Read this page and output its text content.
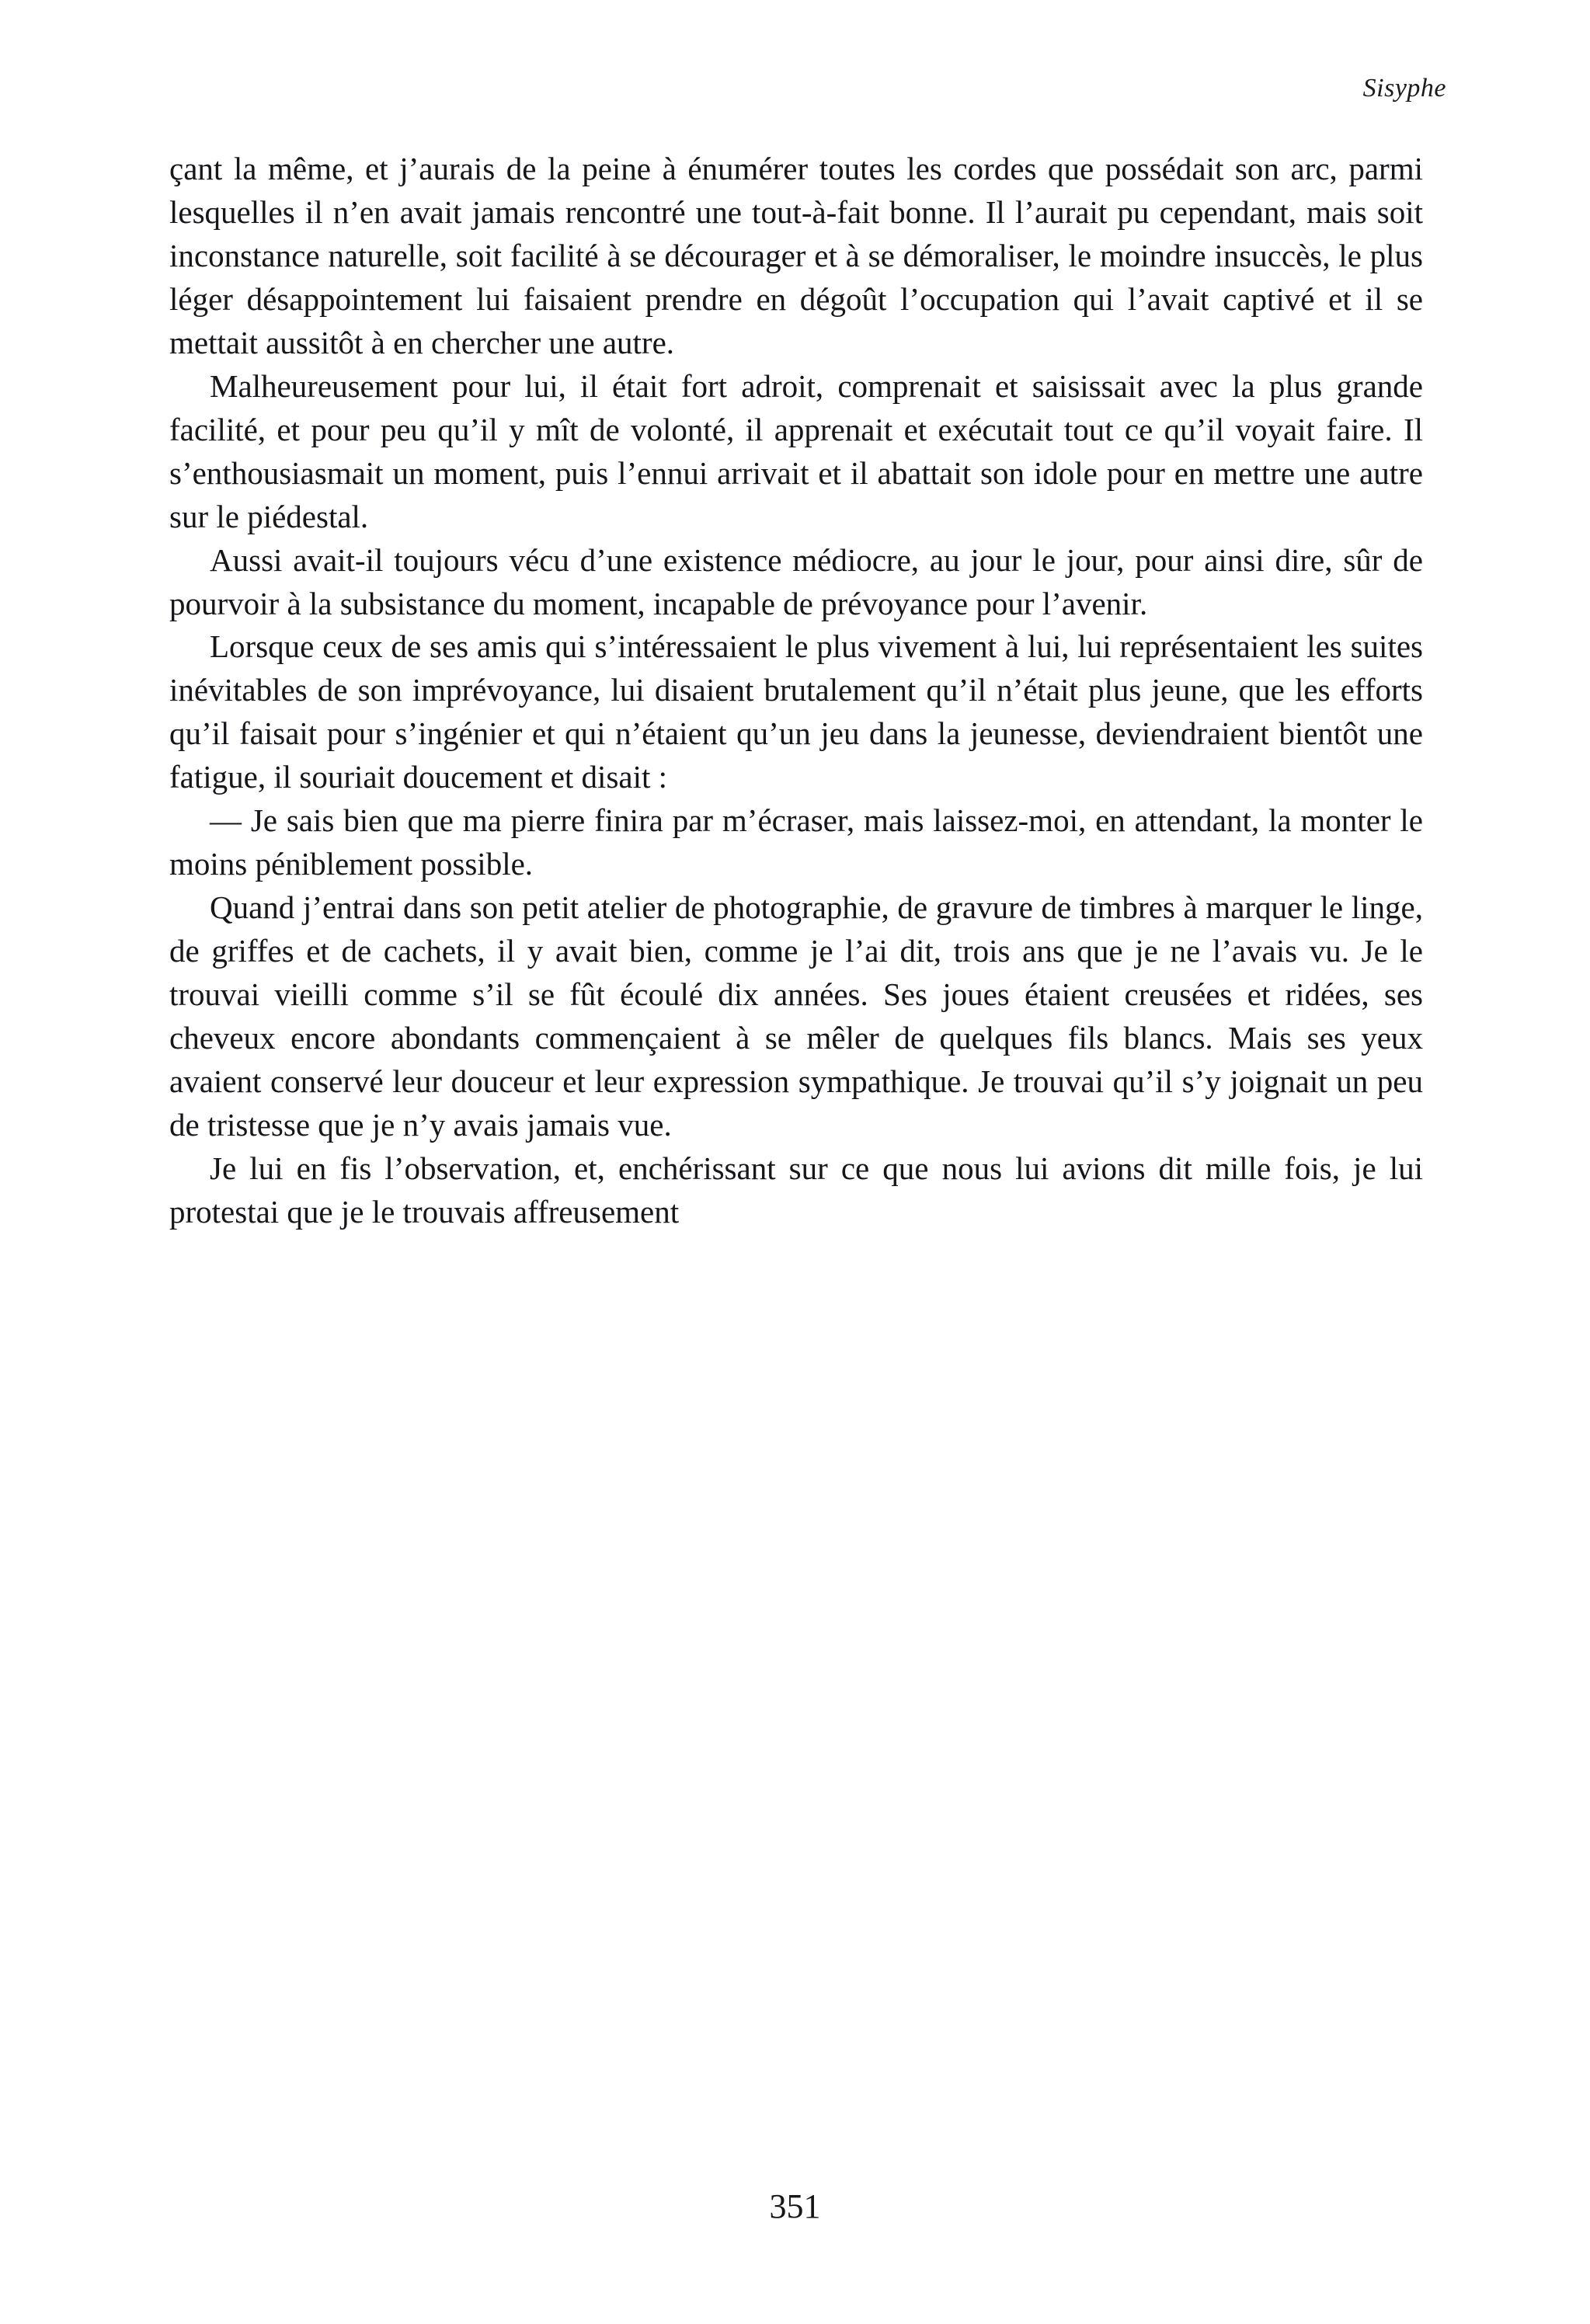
Sisyphe

çant la même, et j’aurais de la peine à énumérer toutes les cordes que possédait son arc, parmi lesquelles il n’en avait jamais rencontré une tout-à-fait bonne. Il l’aurait pu cependant, mais soit inconstance naturelle, soit facilité à se décourager et à se démoraliser, le moindre insuccès, le plus léger désappointement lui faisaient prendre en dégoût l’occupation qui l’avait captivé et il se mettait aussitôt à en chercher une autre.

Malheureusement pour lui, il était fort adroit, comprenait et saisissait avec la plus grande facilité, et pour peu qu’il y mît de volonté, il apprenait et exécutait tout ce qu’il voyait faire. Il s’enthousiasmait un moment, puis l’ennui arrivait et il abattait son idole pour en mettre une autre sur le piédestal.

Aussi avait-il toujours vécu d’une existence médiocre, au jour le jour, pour ainsi dire, sûr de pourvoir à la subsistance du moment, incapable de prévoyance pour l’avenir.

Lorsque ceux de ses amis qui s’intéressaient le plus vivement à lui, lui représentaient les suites inévitables de son imprévoyance, lui disaient brutalement qu’il n’était plus jeune, que les efforts qu’il faisait pour s’ingénier et qui n’étaient qu’un jeu dans la jeunesse, deviendraient bientôt une fatigue, il souriait doucement et disait :

— Je sais bien que ma pierre finira par m’écraser, mais laissez-moi, en attendant, la monter le moins péniblement possible.

Quand j’entrai dans son petit atelier de photographie, de gravure de timbres à marquer le linge, de griffes et de cachets, il y avait bien, comme je l’ai dit, trois ans que je ne l’avais vu. Je le trouvai vieilli comme s’il se fût écoulé dix années. Ses joues étaient creusées et ridées, ses cheveux encore abondants commençaient à se mêler de quelques fils blancs. Mais ses yeux avaient conservé leur douceur et leur expression sympathique. Je trouvai qu’il s’y joignait un peu de tristesse que je n’y avais jamais vue.

Je lui en fis l’observation, et, enchérissant sur ce que nous lui avions dit mille fois, je lui protestai que je le trouvais affreusement

351
